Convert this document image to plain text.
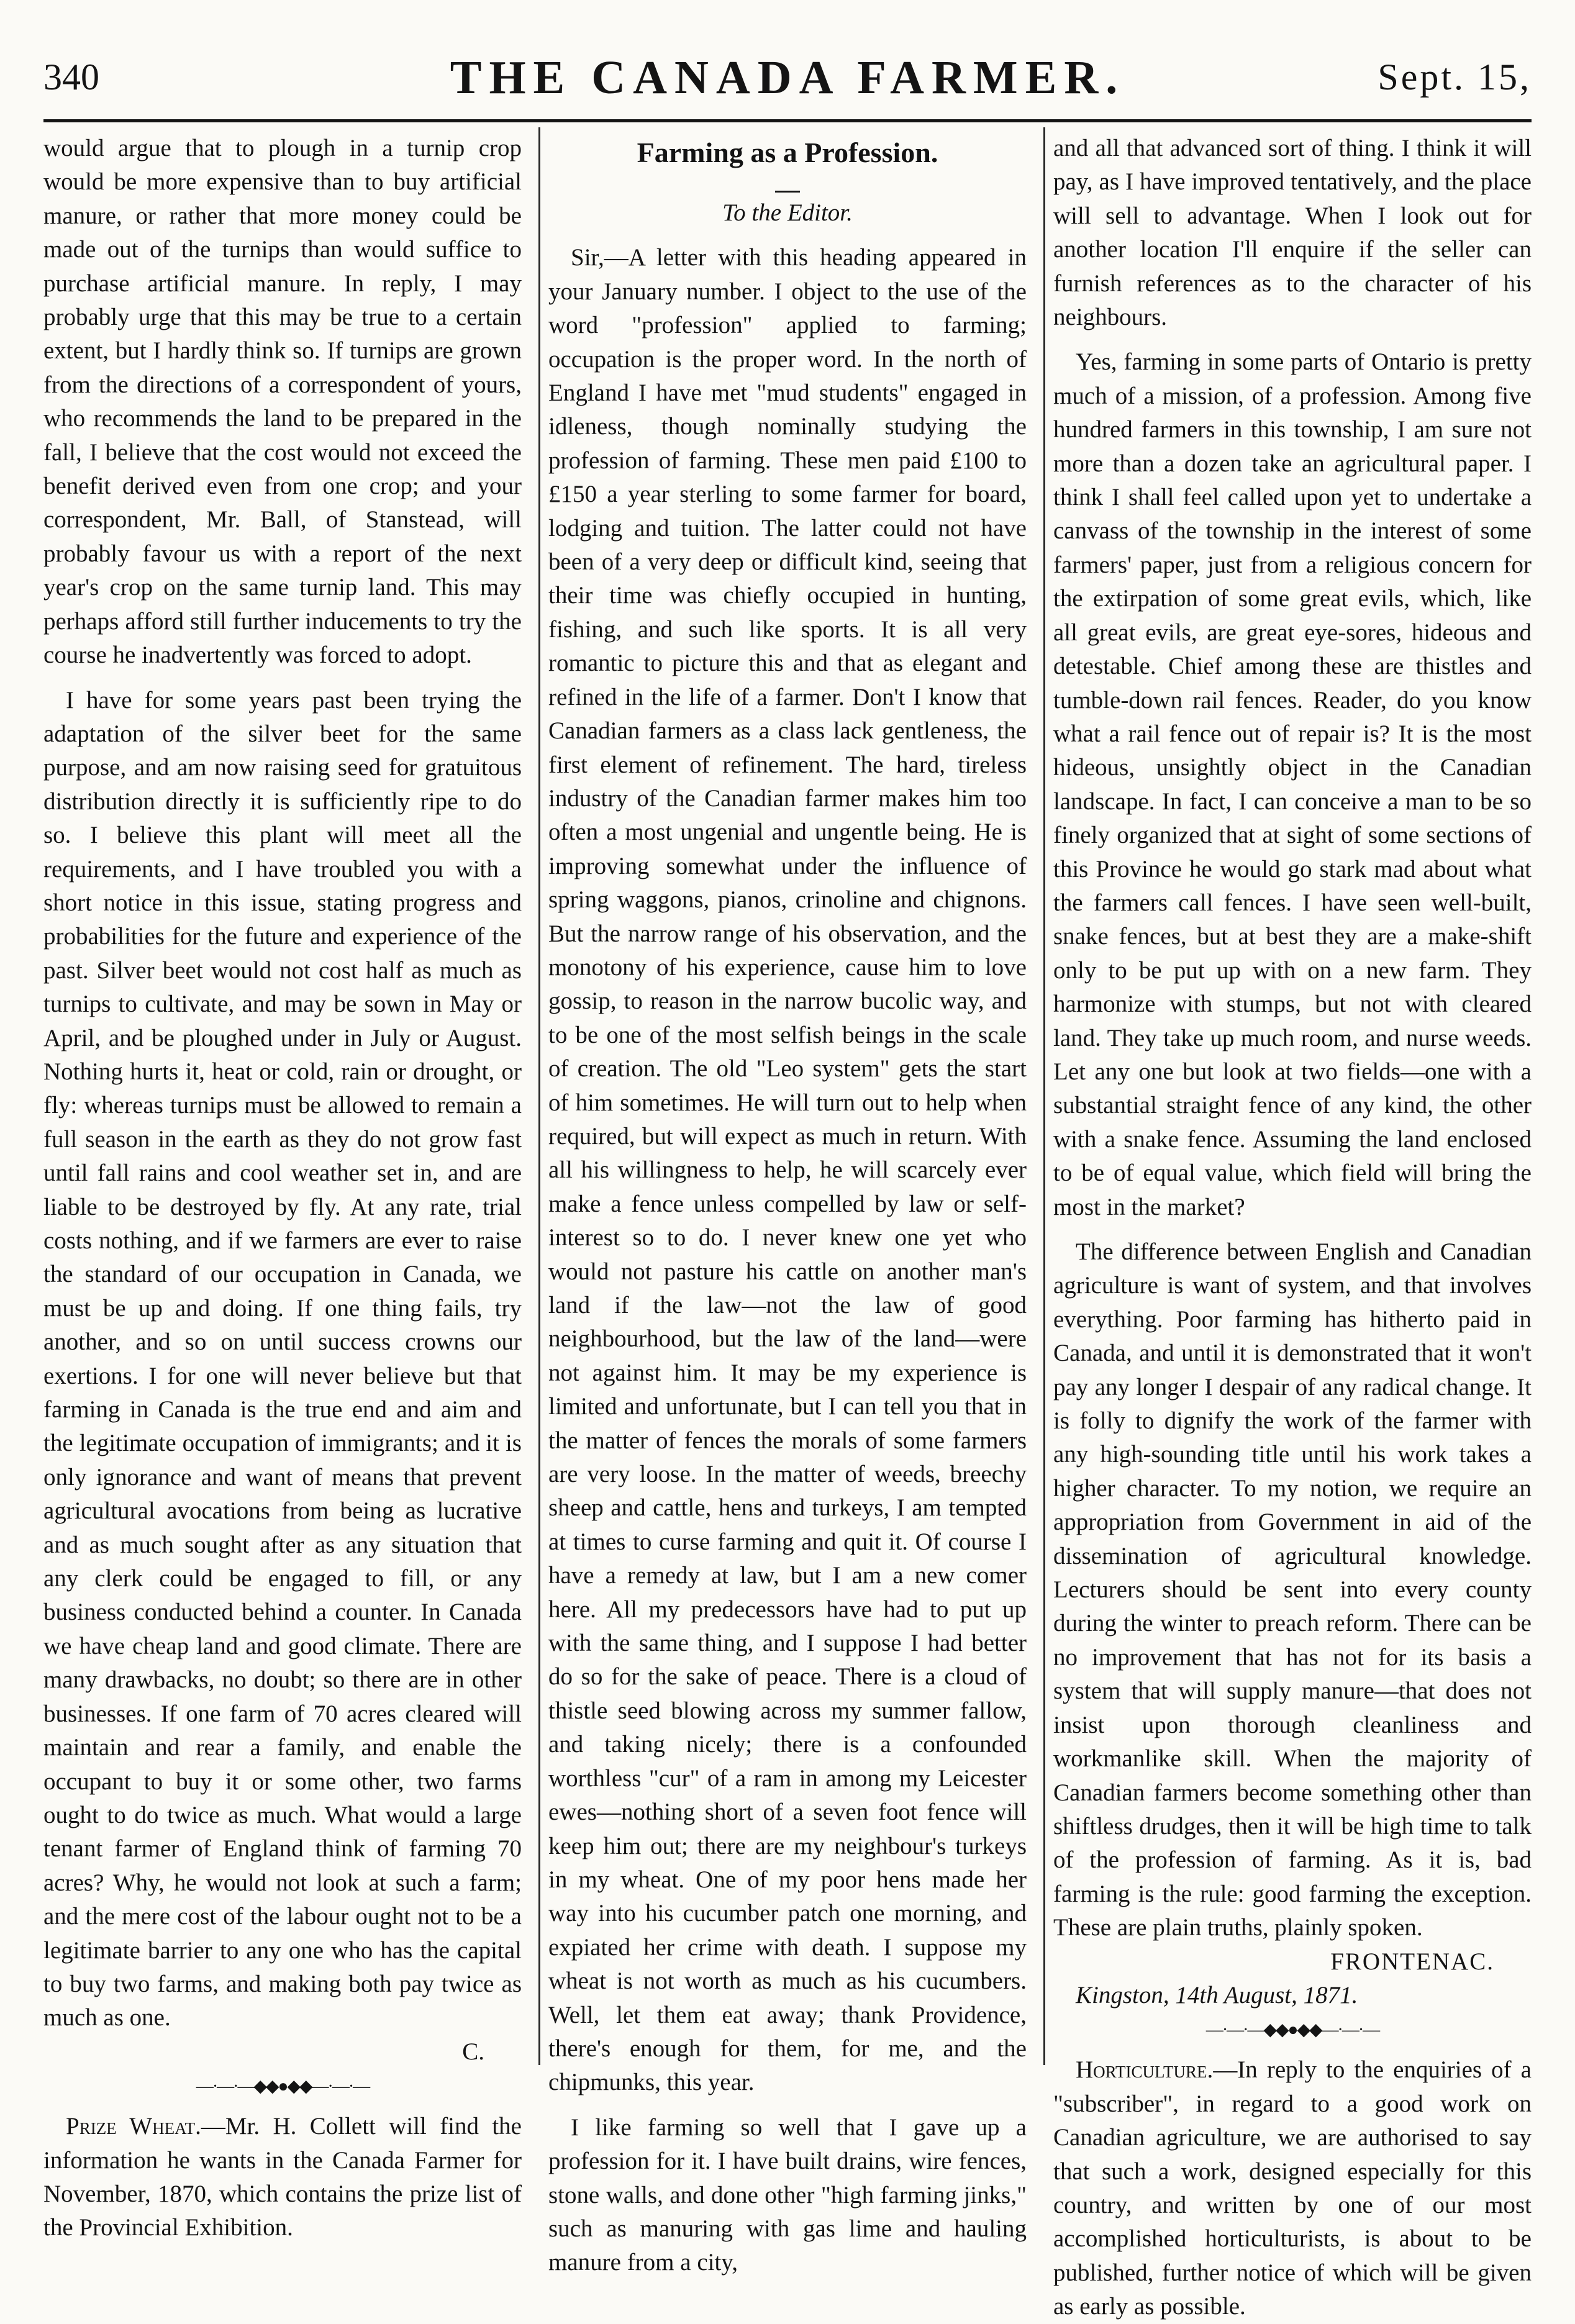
340	THE CANADA FARMER.	Sept. 15,

would argue that to plough in a turnip crop would be more expensive than to buy artificial manure, or rather that more money could be made out of the turnips than would suffice to purchase artificial manure. In reply, I may probably urge that this may be true to a certain extent, but I hardly think so. If turnips are grown from the directions of a correspondent of yours, who recommends the land to be prepared in the fall, I believe that the cost would not exceed the benefit derived even from one crop; and your correspondent, Mr. Ball, of Stanstead, will probably favour us with a report of the next year's crop on the same turnip land. This may perhaps afford still further inducements to try the course he inadvertently was forced to adopt.

I have for some years past been trying the adaptation of the silver beet for the same purpose, and am now raising seed for gratuitous distribution directly it is sufficiently ripe to do so. I believe this plant will meet all the requirements, and I have troubled you with a short notice in this issue, stating progress and probabilities for the future and experience of the past. Silver beet would not cost half as much as turnips to cultivate, and may be sown in May or April, and be ploughed under in July or August. Nothing hurts it, heat or cold, rain or drought, or fly: whereas turnips must be allowed to remain a full season in the earth as they do not grow fast until fall rains and cool weather set in, and are liable to be destroyed by fly. At any rate, trial costs nothing, and if we farmers are ever to raise the standard of our occupation in Canada, we must be up and doing. If one thing fails, try another, and so on until success crowns our exertions. I for one will never believe but that farming in Canada is the true end and aim and the legitimate occupation of immigrants; and it is only ignorance and want of means that prevent agricultural avocations from being as lucrative and as much sought after as any situation that any clerk could be engaged to fill, or any business conducted behind a counter. In Canada we have cheap land and good climate. There are many drawbacks, no doubt; so there are in other businesses. If one farm of 70 acres cleared will maintain and rear a family, and enable the occupant to buy it or some other, two farms ought to do twice as much. What would a large tenant farmer of England think of farming 70 acres? Why, he would not look at such a farm; and the mere cost of the labour ought not to be a legitimate barrier to any one who has the capital to buy two farms, and making both pay twice as much as one.

C.

—·—·—◆◆●◆◆—·—·—

Prize Wheat.—Mr. H. Collett will find the information he wants in the Canada Farmer for November, 1870, which contains the prize list of the Provincial Exhibition.

Farming as a Profession.

To the Editor.

Sir,—A letter with this heading appeared in your January number. I object to the use of the word "profession" applied to farming; occupation is the proper word. In the north of England I have met "mud students" engaged in idleness, though nominally studying the profession of farming. These men paid £100 to £150 a year sterling to some farmer for board, lodging and tuition. The latter could not have been of a very deep or difficult kind, seeing that their time was chiefly occupied in hunting, fishing, and such like sports. It is all very romantic to picture this and that as elegant and refined in the life of a farmer. Don't I know that Canadian farmers as a class lack gentleness, the first element of refinement. The hard, tireless industry of the Canadian farmer makes him too often a most ungenial and ungentle being. He is improving somewhat under the influence of spring waggons, pianos, crinoline and chignons. But the narrow range of his observation, and the monotony of his experience, cause him to love gossip, to reason in the narrow bucolic way, and to be one of the most selfish beings in the scale of creation. The old "Leo system" gets the start of him sometimes. He will turn out to help when required, but will expect as much in return. With all his willingness to help, he will scarcely ever make a fence unless compelled by law or self-interest so to do. I never knew one yet who would not pasture his cattle on another man's land if the law—not the law of good neighbourhood, but the law of the land—were not against him. It may be my experience is limited and unfortunate, but I can tell you that in the matter of fences the morals of some farmers are very loose. In the matter of weeds, breechy sheep and cattle, hens and turkeys, I am tempted at times to curse farming and quit it. Of course I have a remedy at law, but I am a new comer here. All my predecessors have had to put up with the same thing, and I suppose I had better do so for the sake of peace. There is a cloud of thistle seed blowing across my summer fallow, and taking nicely; there is a confounded worthless "cur" of a ram in among my Leicester ewes—nothing short of a seven foot fence will keep him out; there are my neighbour's turkeys in my wheat. One of my poor hens made her way into his cucumber patch one morning, and expiated her crime with death. I suppose my wheat is not worth as much as his cucumbers. Well, let them eat away; thank Providence, there's enough for them, for me, and the chipmunks, this year.

I like farming so well that I gave up a profession for it. I have built drains, wire fences, stone walls, and done other "high farming jinks," such as manuring with gas lime and hauling manure from a city,

and all that advanced sort of thing. I think it will pay, as I have improved tentatively, and the place will sell to advantage. When I look out for another location I'll enquire if the seller can furnish references as to the character of his neighbours.

Yes, farming in some parts of Ontario is pretty much of a mission, of a profession. Among five hundred farmers in this township, I am sure not more than a dozen take an agricultural paper. I think I shall feel called upon yet to undertake a canvass of the township in the interest of some farmers' paper, just from a religious concern for the extirpation of some great evils, which, like all great evils, are great eye-sores, hideous and detestable. Chief among these are thistles and tumble-down rail fences. Reader, do you know what a rail fence out of repair is? It is the most hideous, unsightly object in the Canadian landscape. In fact, I can conceive a man to be so finely organized that at sight of some sections of this Province he would go stark mad about what the farmers call fences. I have seen well-built, snake fences, but at best they are a make-shift only to be put up with on a new farm. They harmonize with stumps, but not with cleared land. They take up much room, and nurse weeds. Let any one but look at two fields—one with a substantial straight fence of any kind, the other with a snake fence. Assuming the land enclosed to be of equal value, which field will bring the most in the market?

The difference between English and Canadian agriculture is want of system, and that involves everything. Poor farming has hitherto paid in Canada, and until it is demonstrated that it won't pay any longer I despair of any radical change. It is folly to dignify the work of the farmer with any high-sounding title until his work takes a higher character. To my notion, we require an appropriation from Government in aid of the dissemination of agricultural knowledge. Lecturers should be sent into every county during the winter to preach reform. There can be no improvement that has not for its basis a system that will supply manure—that does not insist upon thorough cleanliness and workmanlike skill. When the majority of Canadian farmers become something other than shiftless drudges, then it will be high time to talk of the profession of farming. As it is, bad farming is the rule: good farming the exception. These are plain truths, plainly spoken.

FRONTENAC.

Kingston, 14th August, 1871.

—·—·—◆◆●◆◆—·—·—

Horticulture.—In reply to the enquiries of a "subscriber", in regard to a good work on Canadian agriculture, we are authorised to say that such a work, designed especially for this country, and written by one of our most accomplished horticulturists, is about to be published, further notice of which will be given as early as possible.
